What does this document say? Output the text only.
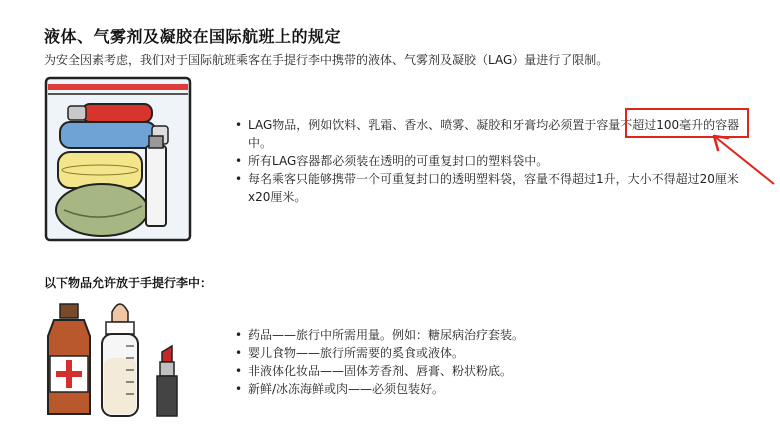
液体、气雾剂及凝胶在国际航班上的规定
为安全因素考虑，我们对于国际航班乘客在手提行李中携带的液体、气雾剂及凝胶（LAG）量进行了限制。
• LAG物品，例如饮料、乳霜、香水、喷雾、凝胶和牙膏均必须置于容量不超过100毫升的容器中。
• 所有LAG容器都必须装在透明的可重复封口的塑料袋中。
• 每名乘客只能够携带一个可重复封口的透明塑料袋，容量不得超过1升，大小不得超过20厘米x20厘米。
以下物品允许放于手提行李中：
• 药品——旅行中所需用量。例如：糖尿病治疗套装。
• 婴儿食物——旅行所需要的奚食或液体。
• 非液体化妆品——固体芳香剂、唇膏、粉状粉底。
• 新鲜/冰冻海鲜或肉——必须包装好。
